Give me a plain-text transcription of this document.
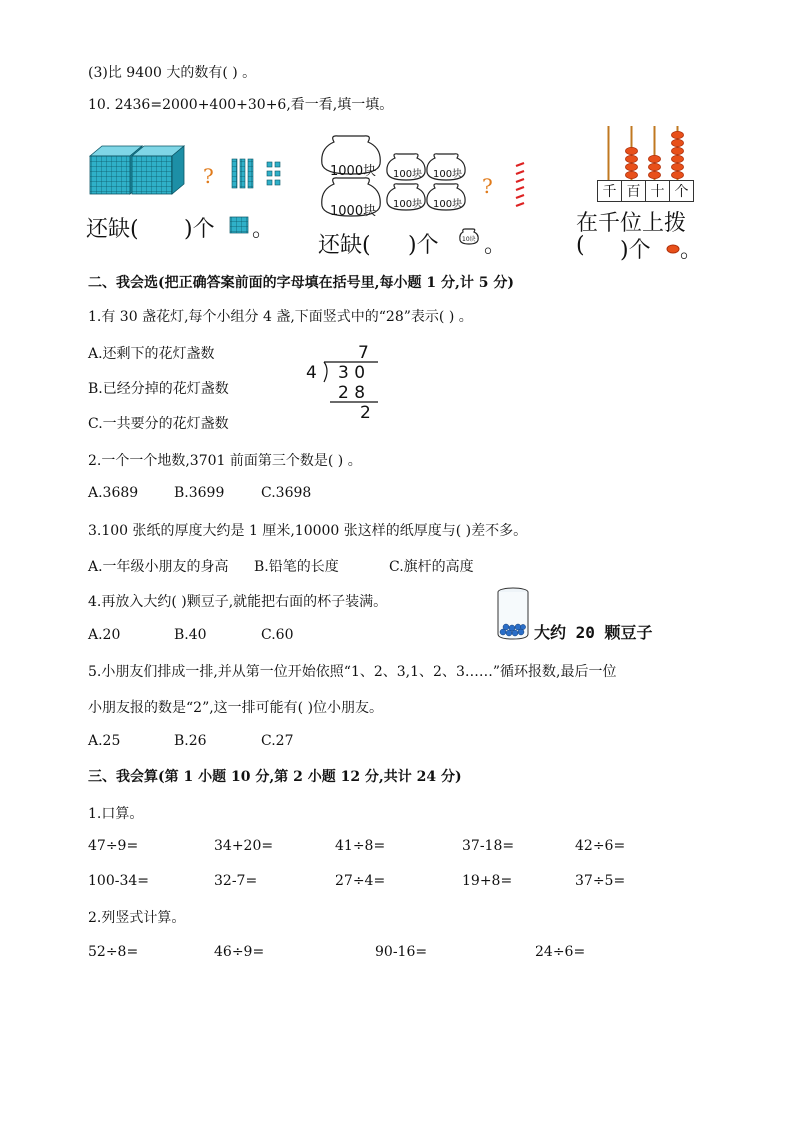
(3)比 9400 大的数有( ) 。
10. 2436=2000+400+30+6,看一看,填一填。
?
还缺( )个 。
1000块
1000块
100块 100块
100块 100块
?
还缺( )个	10块 。
千 百 十 个
在千位上拨
( )个 。
二、我会选(把正确答案前面的字母填在括号里,每小题 1 分,计 5 分)
1.有 30 盏花灯,每个小组分 4 盏,下面竖式中的“28”表示( ) 。
A.还剩下的花灯盏数
B.已经分掉的花灯盏数
C.一共要分的花灯盏数
7
4 3 0
2 8
2
2.一个一个地数,3701 前面第三个数是( ) 。
A.3689	B.3699	C.3698
3.100 张纸的厚度大约是 1 厘米,10000 张这样的纸厚度与( )差不多。
A.一年级小朋友的身高 B.铅笔的长度	C.旗杆的高度
4.再放入大约( )颗豆子,就能把右面的杯子装满。
A.20	B.40	C.60	大约 20 颗豆子
5.小朋友们排成一排,并从第一位开始依照“1、2、3,1、2、3……”循环报数,最后一位
小朋友报的数是“2”,这一排可能有( )位小朋友。
A.25	B.26	C.27
三、我会算(第 1 小题 10 分,第 2 小题 12 分,共计 24 分)
1.口算。
47÷9=	34+20=	41÷8=	37-18=	42÷6=
100-34=	32-7=	27÷4=	19+8=	37÷5=
2.列竖式计算。
52÷8=	46÷9=	90-16=	24÷6=
